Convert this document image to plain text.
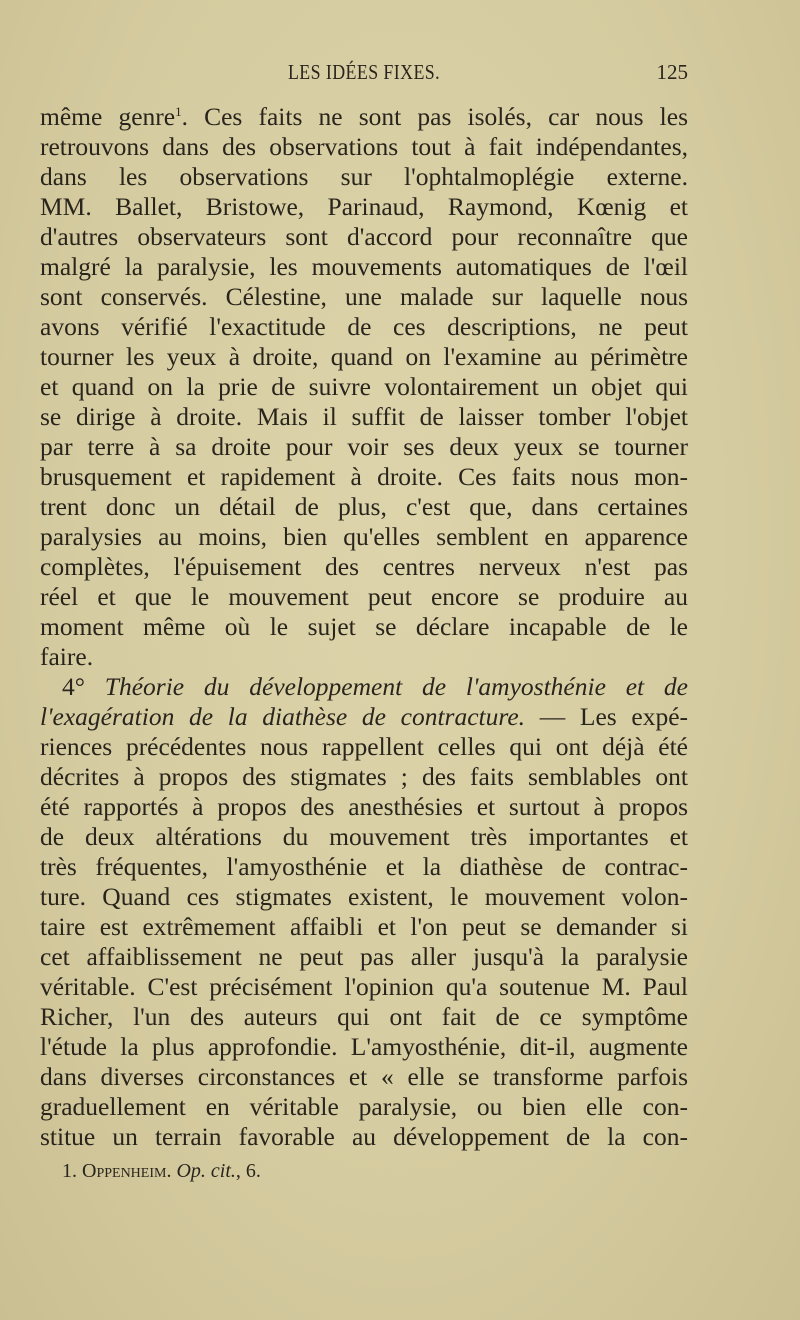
LES IDÉES FIXES.	125
même genre$^1$. Ces faits ne sont pas isolés, car nous les
retrouvons dans des observations tout à fait indépendantes,
dans les observations sur l'ophtalmoplégie externe.
MM. Ballet, Bristowe, Parinaud, Raymond, Kœnig et
d'autres observateurs sont d'accord pour reconnaître que
malgré la paralysie, les mouvements automatiques de l'œil
sont conservés. Célestine, une malade sur laquelle nous
avons vérifié l'exactitude de ces descriptions, ne peut
tourner les yeux à droite, quand on l'examine au périmètre
et quand on la prie de suivre volontairement un objet qui
se dirige à droite. Mais il suffit de laisser tomber l'objet
par terre à sa droite pour voir ses deux yeux se tourner
brusquement et rapidement à droite. Ces faits nous mon-
trent donc un détail de plus, c'est que, dans certaines
paralysies au moins, bien qu'elles semblent en apparence
complètes, l'épuisement des centres nerveux n'est pas
réel et que le mouvement peut encore se produire au
moment même où le sujet se déclare incapable de le
faire.
4° Théorie du développement de l'amyosthénie et de
l'exagération de la diathèse de contracture. — Les expé-
riences précédentes nous rappellent celles qui ont déjà été
décrites à propos des stigmates ; des faits semblables ont
été rapportés à propos des anesthésies et surtout à propos
de deux altérations du mouvement très importantes et
très fréquentes, l'amyosthénie et la diathèse de contrac-
ture. Quand ces stigmates existent, le mouvement volon-
taire est extrêmement affaibli et l'on peut se demander si
cet affaiblissement ne peut pas aller jusqu'à la paralysie
véritable. C'est précisément l'opinion qu'a soutenue M. Paul
Richer, l'un des auteurs qui ont fait de ce symptôme
l'étude la plus approfondie. L'amyosthénie, dit-il, augmente
dans diverses circonstances et « elle se transforme parfois
graduellement en véritable paralysie, ou bien elle con-
stitue un terrain favorable au développement de la con-
1. Oppenheim. Op. cit., 6.
